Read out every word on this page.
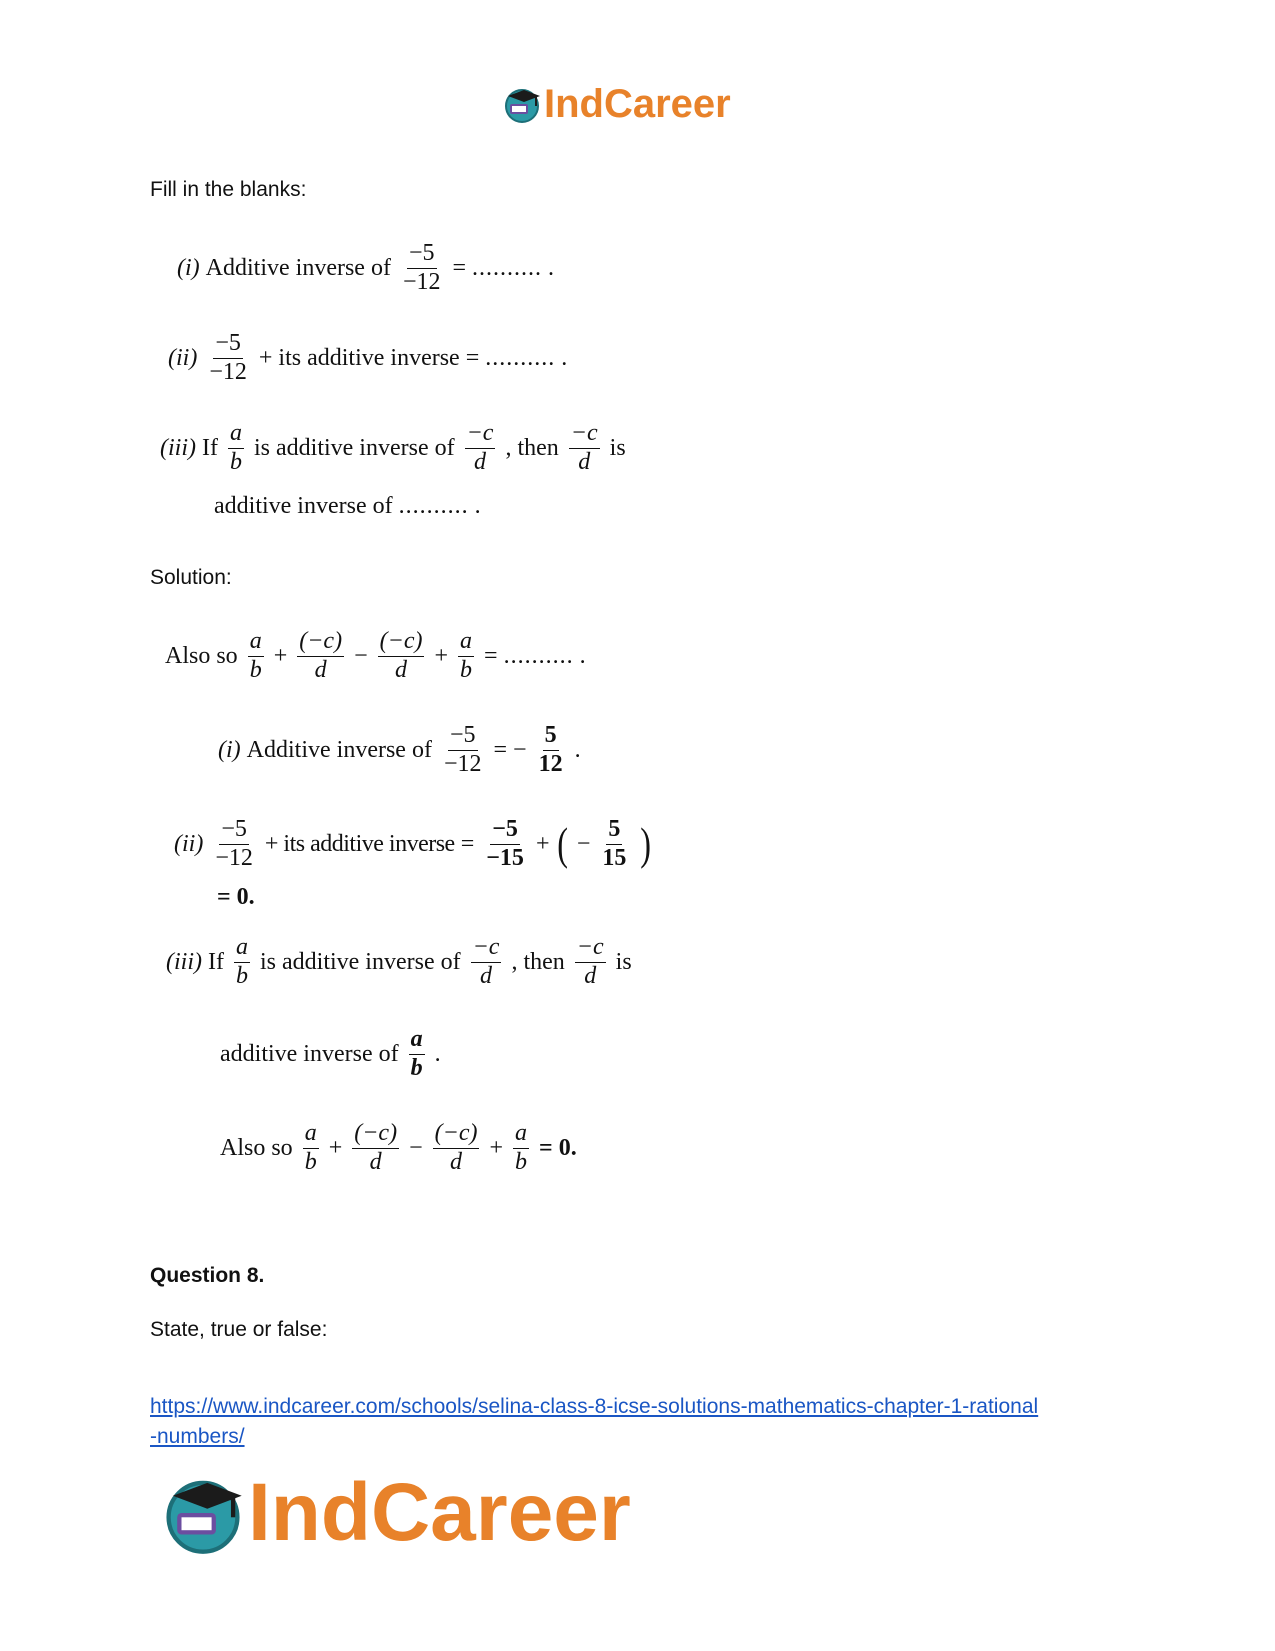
IndCareer
Fill in the blanks:
(i) Additive inverse of $\frac{-5}{-12}$ = .......... .
$(ii) \frac{-5}{-12}$ + its additive inverse = .......... .
(iii) If $\frac{a}{b}$ is additive inverse of $\frac{-c}{d}$ , then $\frac{-c}{d}$ is
additive inverse of .......... .
Solution:
Also so $\frac{a}{b} + \frac{(-c)}{d} - \frac{(-c)}{d} + \frac{a}{b}$ = .......... .
(i) Additive inverse of $\frac{-5}{-12}$ = − $\frac{5}{12}$ .
$(ii) \frac{-5}{-12}$ + its additive inverse = $\frac{-5}{-15}$ + ( − $\frac{5}{15}$ )
= 0.
(iii) If $\frac{a}{b}$ is additive inverse of $\frac{-c}{d}$ , then $\frac{-c}{d}$ is
additive inverse of $\frac{a}{b}$ .
Also so $\frac{a}{b} + \frac{(-c)}{d} - \frac{(-c)}{d} + \frac{a}{b} = 0$.
Question 8.
State, true or false:
https://www.indcareer.com/schools/selina-class-8-icse-solutions-mathematics-chapter-1-rational
-numbers/
IndCareer
